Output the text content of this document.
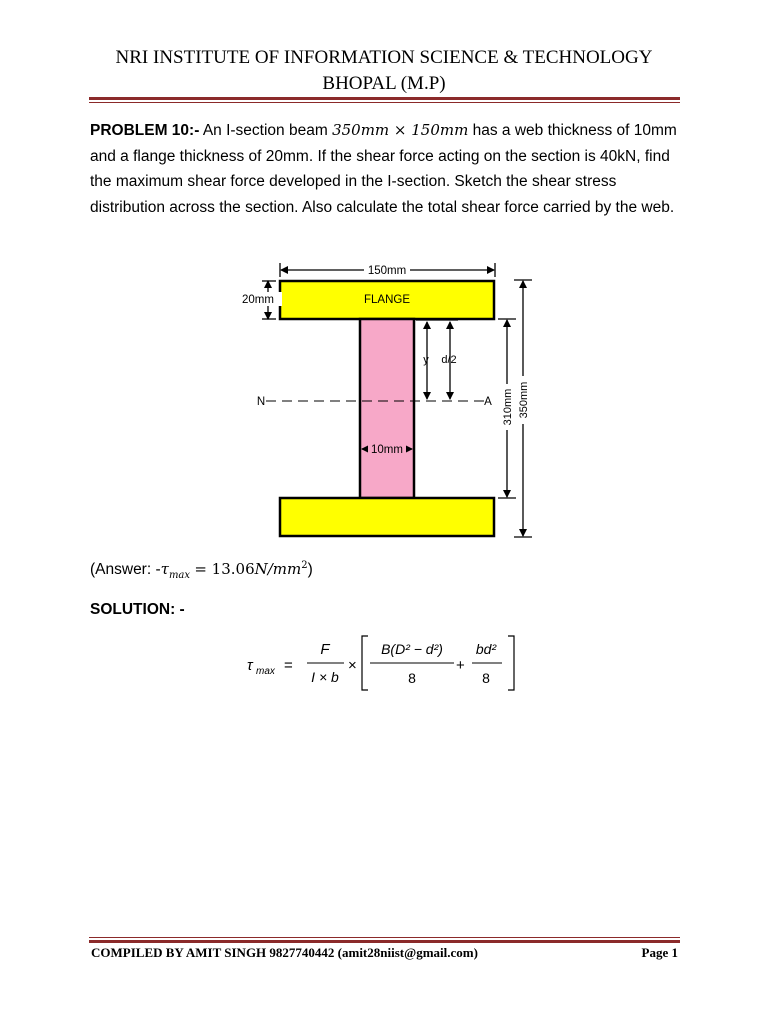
NRI INSTITUTE OF INFORMATION SCIENCE & TECHNOLOGY
BHOPAL (M.P)
PROBLEM 10:- An I-section beam 350mm × 150mm has a web thickness of 10mm and a flange thickness of 20mm. If the shear force acting on the section is 40kN, find the maximum shear force developed in the I-section. Sketch the shear stress distribution across the section. Also calculate the total shear force carried by the web.
150mm
FLANGE
20mm
N	A
y d/2
10mm
310mm 350mm
(Answer: $-\tau_{max} = 13.06N/mm^2$)
SOLUTION: -
τ max =
F
I × b
×
B(D² − d²)
8
+
bd²
8
COMPILED BY AMIT SINGH 9827740442 (amit28niist@gmail.com)	Page 1
